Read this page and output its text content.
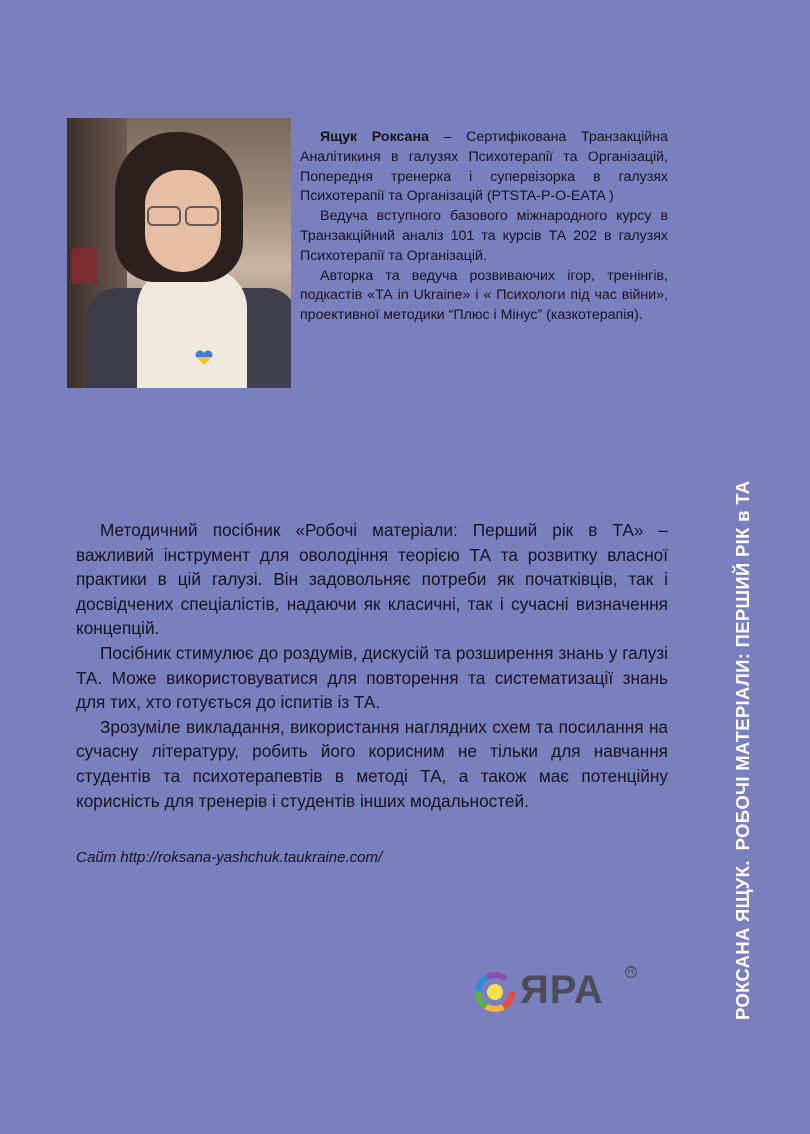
Ящук Роксана – Сертифікована Транзакційна Аналітикиня в галузях Психотерапії та Організацій, Попередня тренерка і супервізорка в галузях Психотерапії та Організацій (PTSTA-P-O-EATA )

Ведуча вступного базового міжнародного курсу в Транзакційний аналіз 101 та курсів ТА 202 в галузях Психотерапії та Організацій.

Авторка та ведуча розвиваючих ігор, тренінгів, подкастів «ТА in Ukraine» і « Психологи під час війни», проективної методики “Плюс і Мінус” (казкотерапія).

Методичний посібник «Робочі матеріали: Перший рік в ТА» – важливий інструмент для оволодіння теорією ТА та розвитку власної практики в цій галузі. Він задовольняє потреби як початківців, так і досвідчених спеціалістів, надаючи як класичні, так і сучасні визначення концепцій.

Посібник стимулює до роздумів, дискусій та розширення знань у галузі ТА. Може використовуватися для повторення та систематизації знань для тих, хто готується до іспитів із ТА.

Зрозуміле викладання, використання наглядних схем та посилання на сучасну літературу, робить його корисним не тільки для навчання студентів та психотерапевтів в методі ТА, а також має потенційну корисність для тренерів і студентів інших модальностей.

Сайт http://roksana-yashchuk.taukraine.com/
РОКСАНА ЯЩУК.РОБОЧІ МАТЕРІАЛИ: ПЕРШИЙ РІК в ТА
ЯРА R
